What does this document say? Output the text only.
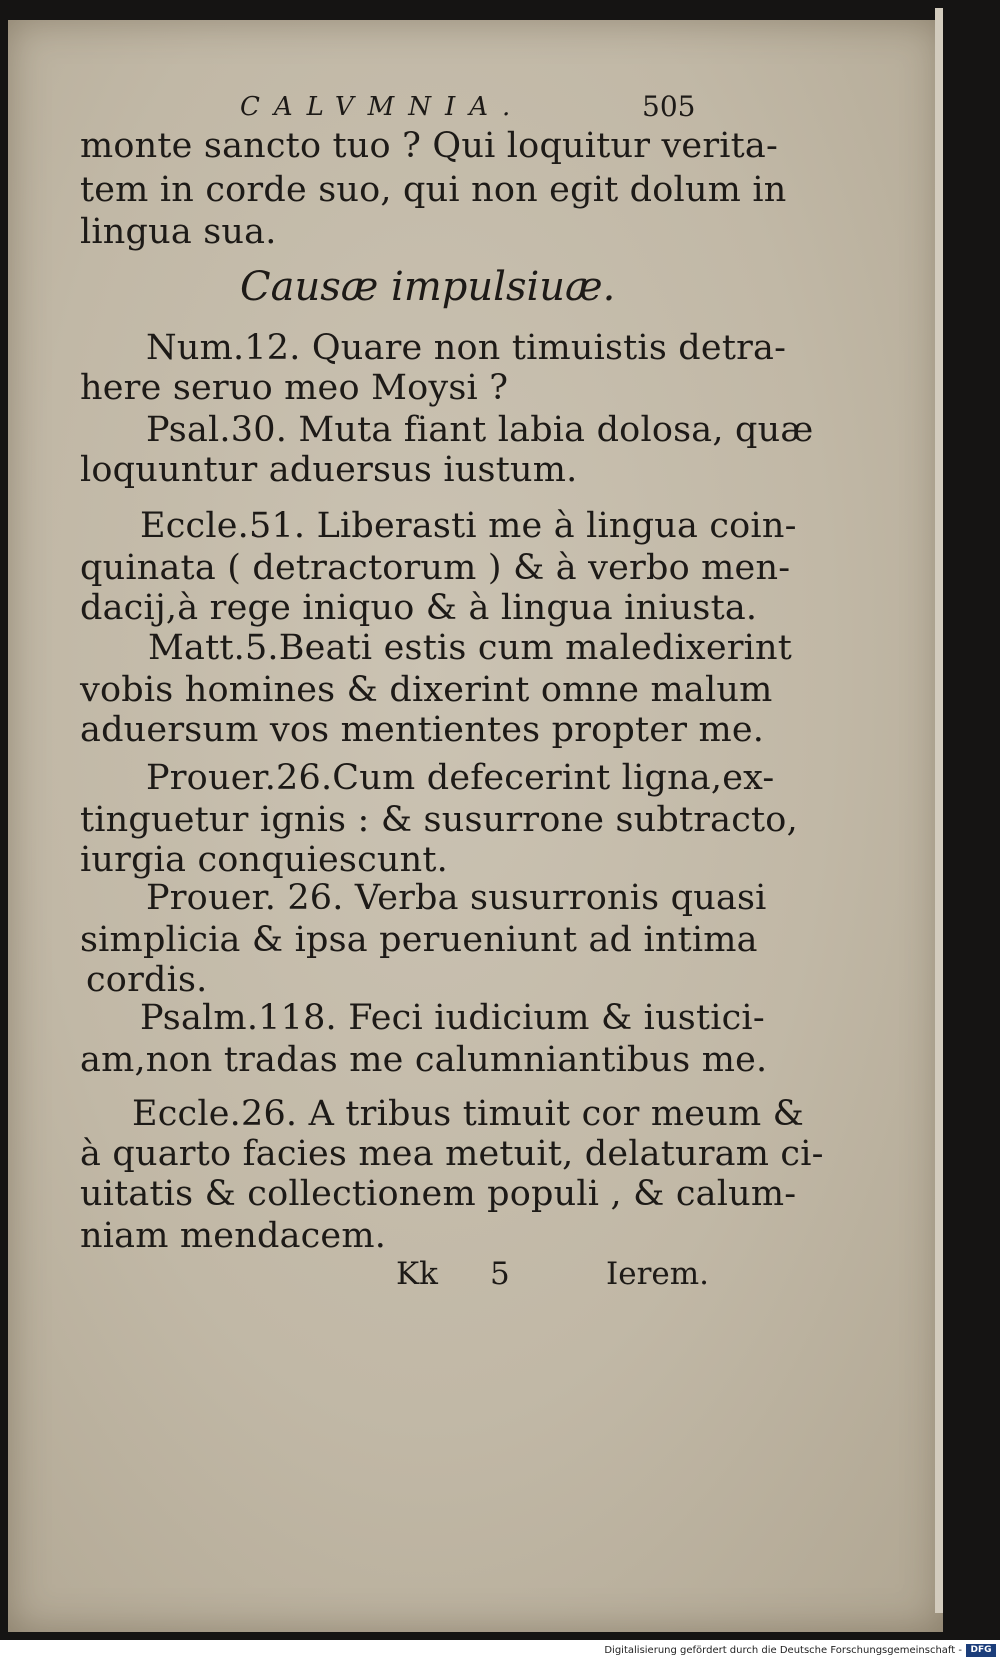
CALVMNIA.	505
monte sancto tuo ? Qui loquitur verita-
tem in corde suo, qui non egit dolum in
lingua sua.
Causæ impulsiuæ.
Num.12. Quare non timuistis detra-
here seruo meo Moysi ?
Psal.30. Muta fiant labia dolosa, quæ
loquuntur aduersus iustum.
Eccle.51. Liberasti me à lingua coin-
quinata ( detractorum ) & à verbo men-
dacij,à rege iniquo & à lingua iniusta.
Matt.5.Beati estis cum maledixerint
vobis homines & dixerint omne malum
aduersum vos mentientes propter me.
Prouer.26.Cum defecerint ligna,ex-
tinguetur ignis : & susurrone subtracto,
iurgia conquiescunt.
Prouer. 26. Verba susurronis quasi
simplicia & ipsa perueniunt ad intima
cordis.
Psalm.118. Feci iudicium & iustici-
am,non tradas me calumniantibus me.
Eccle.26. A tribus timuit cor meum &
à quarto facies mea metuit, delaturam ci-
uitatis & collectionem populi , & calum-
niam mendacem.
Kk 5	Ierem.
Digitalisierung gefördert durch die Deutsche Forschungsgemeinschaft - DFG
